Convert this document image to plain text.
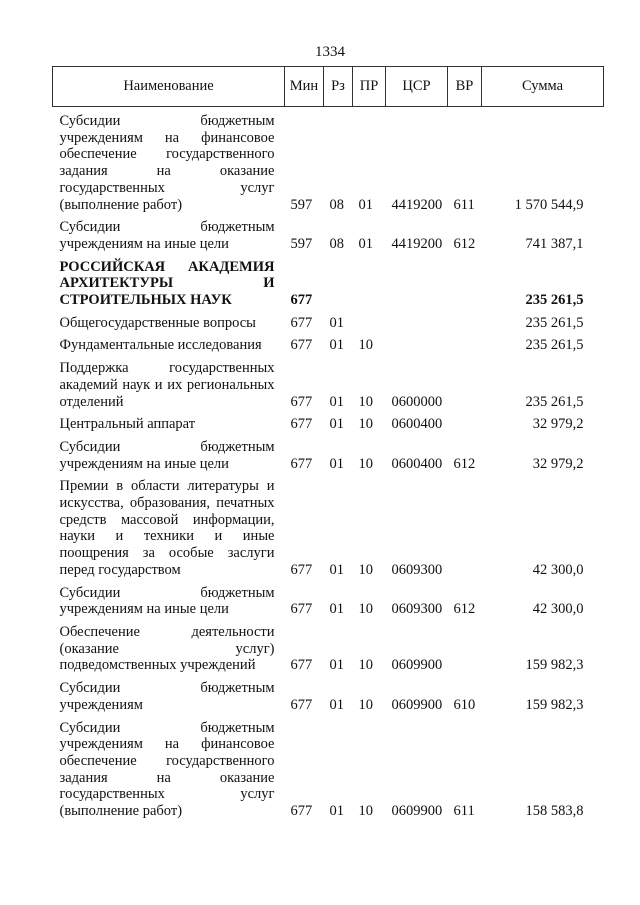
1334
Наименование	Мин	Рз	ПР	ЦСР	ВР	Сумма
Субсидии бюджетным учреждениям на финансовое обеспечение государственного задания на оказание государственных услуг (выполнение работ)	597	08	01	4419200	611	1 570 544,9
Субсидии бюджетным учреждениям на иные цели	597	08	01	4419200	612	741 387,1
РОССИЙСКАЯ АКАДЕМИЯ АРХИТЕКТУРЫ И СТРОИТЕЛЬНЫХ НАУК	677					235 261,5
Общегосударственные вопросы	677	01				235 261,5
Фундаментальные исследования	677	01	10			235 261,5
Поддержка государственных академий наук и их региональных отделений	677	01	10	0600000		235 261,5
Центральный аппарат	677	01	10	0600400		32 979,2
Субсидии бюджетным учреждениям на иные цели	677	01	10	0600400	612	32 979,2
Премии в области литературы и искусства, образования, печатных средств массовой информации, науки и техники и иные поощрения за особые заслуги перед государством	677	01	10	0609300		42 300,0
Субсидии бюджетным учреждениям на иные цели	677	01	10	0609300	612	42 300,0
Обеспечение деятельности (оказание услуг) подведомственных учреждений	677	01	10	0609900		159 982,3
Субсидии бюджетным учреждениям	677	01	10	0609900	610	159 982,3
Субсидии бюджетным учреждениям на финансовое обеспечение государственного задания на оказание государственных услуг (выполнение работ)	677	01	10	0609900	611	158 583,8
